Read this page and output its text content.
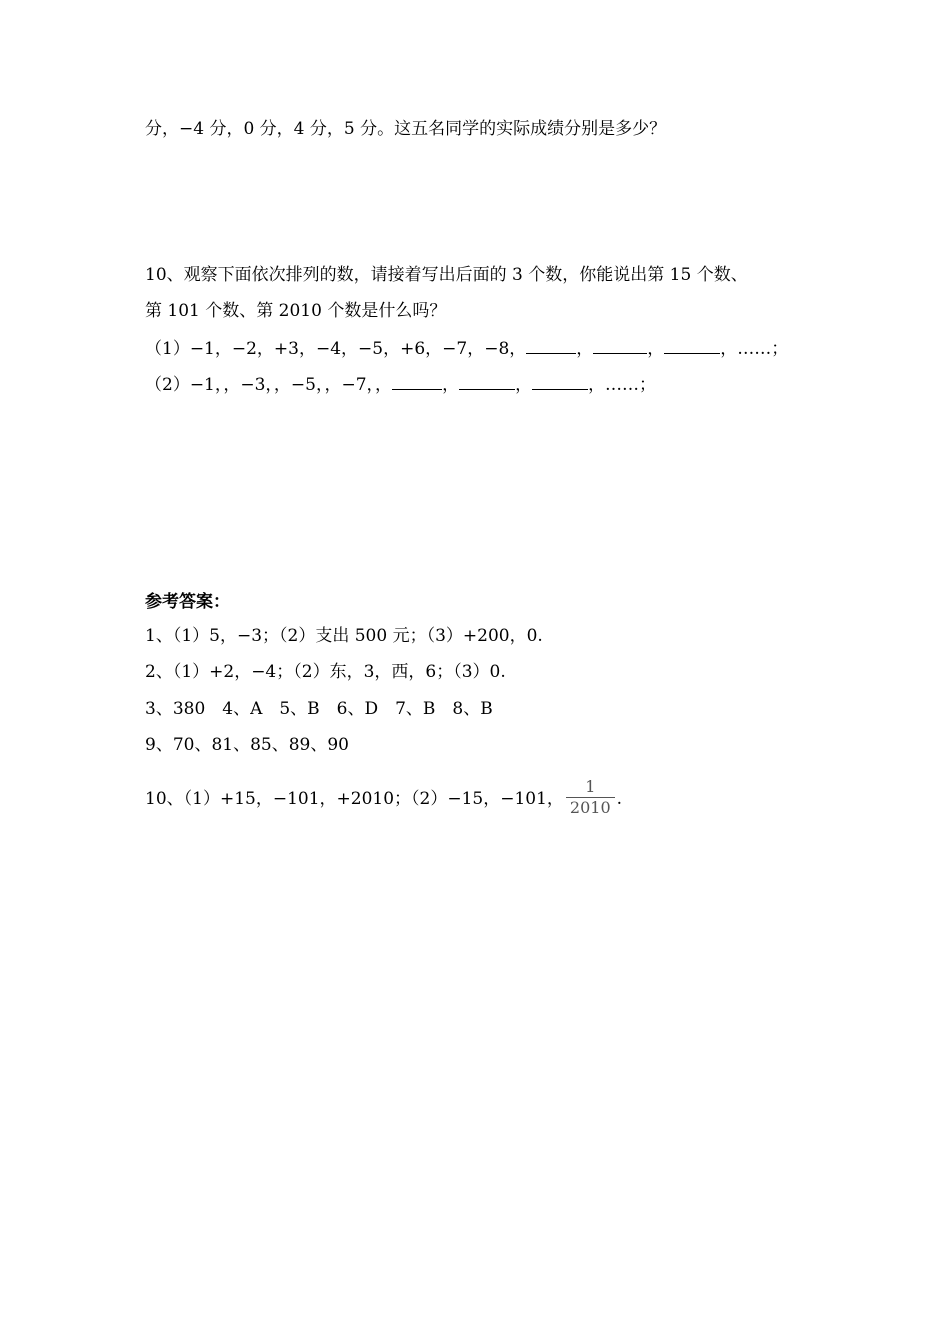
分，−4 分，0 分，4 分，5 分。这五名同学的实际成绩分别是多少？
10、观察下面依次排列的数，请接着写出后面的 3 个数，你能说出第 15 个数、
第 101 个数、第 2010 个数是什么吗？
（1）−1，−2，+3，−4，−5，+6，−7，−8，	，	，	，……；
（2）−1，，−3，，−5，，−7，，	，	，	，……；
参考答案：
1、（1）5，−3；（2）支出 500 元；（3）+200，0.
2、（1）+2，−4；（2）东，3，西，6；（3）0.
3、380　4、A　5、B　6、D　7、B　8、B
9、70、81、85、89、90
10、（1）+15，−101，+2010；（2）−15，−101， $\frac{1}{2010}$ .
